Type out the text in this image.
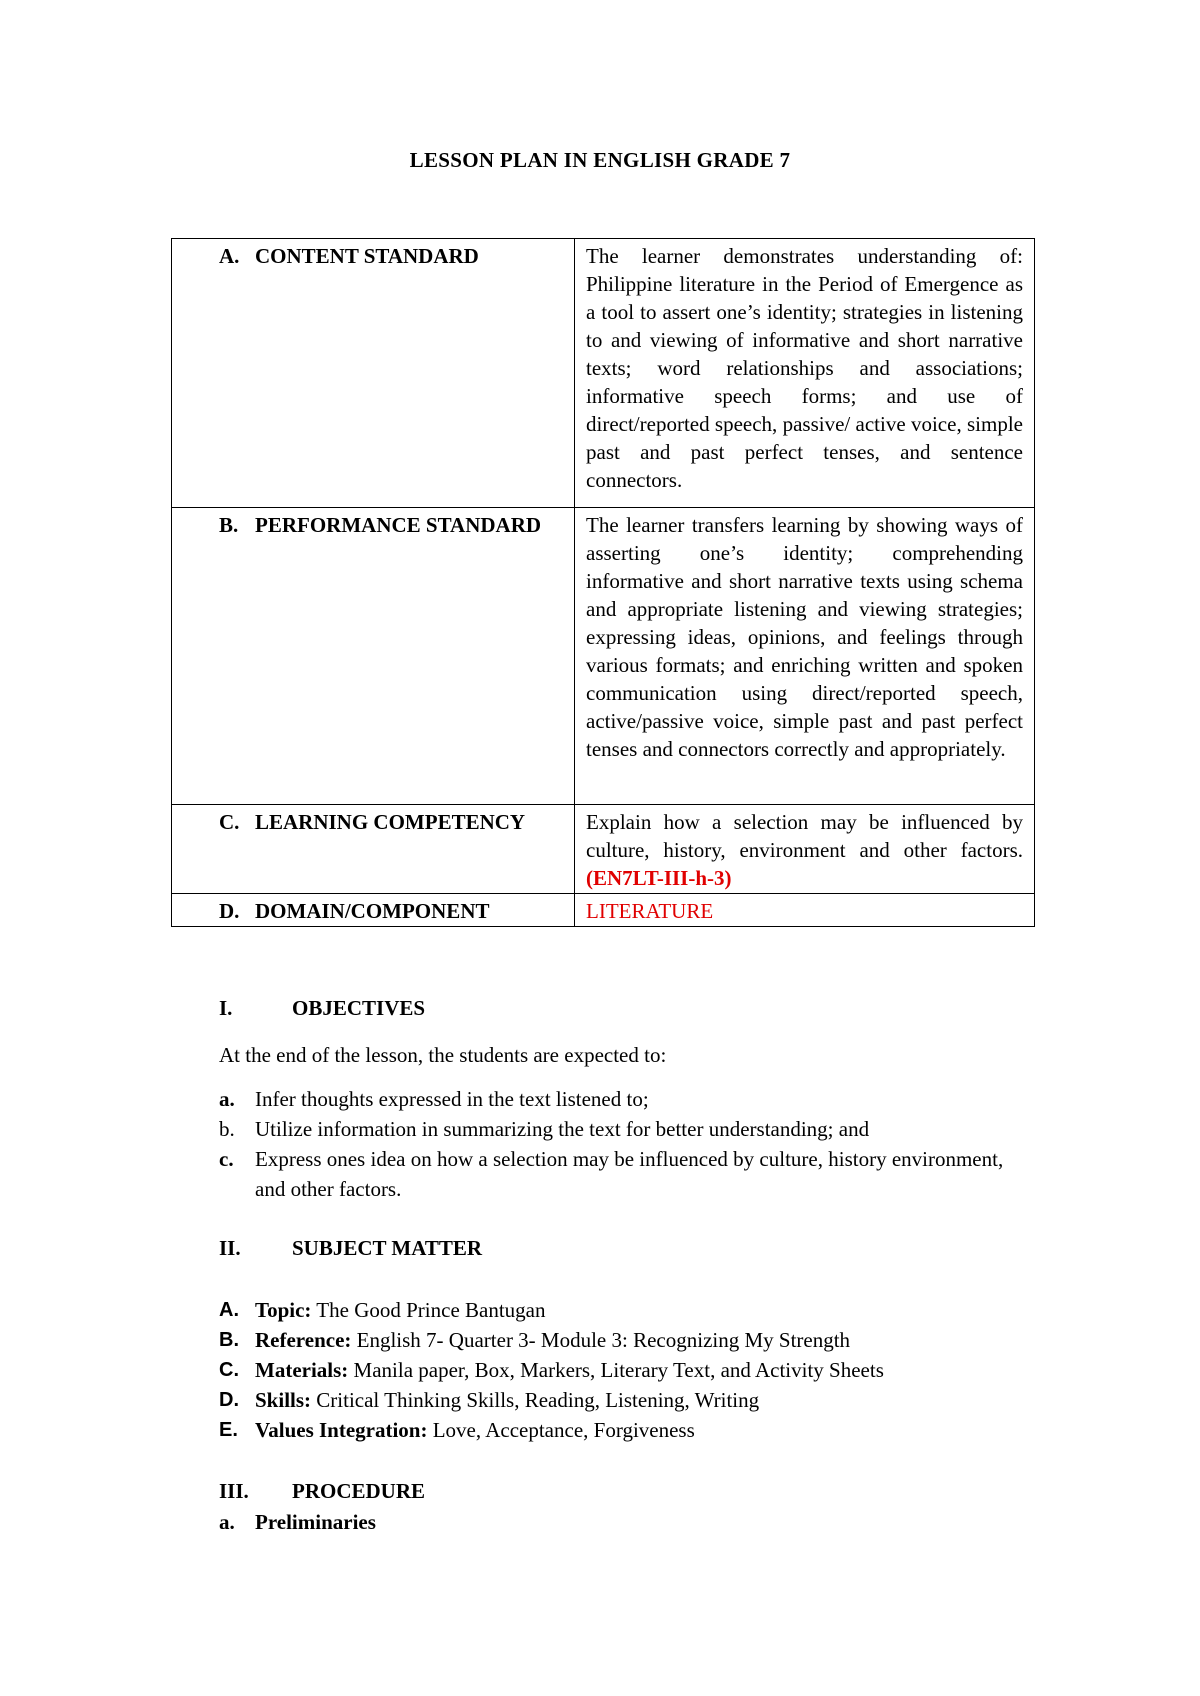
LESSON PLAN IN ENGLISH GRADE 7
A. CONTENT STANDARD	The learner demonstrates understanding of: Philippine literature in the Period of Emergence as a tool to assert one’s identity; strategies in listening to and viewing of informative and short narrative texts; word relationships and associations; informative speech forms; and use of direct/reported speech, passive/ active voice, simple past and past perfect tenses, and sentence connectors.

B. PERFORMANCE STANDARD	The learner transfers learning by showing ways of asserting one’s identity; comprehending informative and short narrative texts using schema and appropriate listening and viewing strategies; expressing ideas, opinions, and feelings through various formats; and enriching written and spoken communication using direct/reported speech, active/passive voice, simple past and past perfect tenses and connectors correctly and appropriately.

C. LEARNING COMPETENCY	Explain how a selection may be influenced by culture, history, environment and other factors. (EN7LT-III-h-3)

D. DOMAIN/COMPONENT	LITERATURE
I.	OBJECTIVES
At the end of the lesson, the students are expected to:
a. Infer thoughts expressed in the text listened to;
b. Utilize information in summarizing the text for better understanding; and
c.	Express ones idea on how a selection may be influenced by culture, history environment, and other factors.
II.	SUBJECT MATTER
A. Topic: The Good Prince Bantugan
B. Reference: English 7- Quarter 3- Module 3: Recognizing My Strength
C. Materials: Manila paper, Box, Markers, Literary Text, and Activity Sheets
D. Skills: Critical Thinking Skills, Reading, Listening, Writing
E. Values Integration: Love, Acceptance, Forgiveness
III.	PROCEDURE
a. Preliminaries
